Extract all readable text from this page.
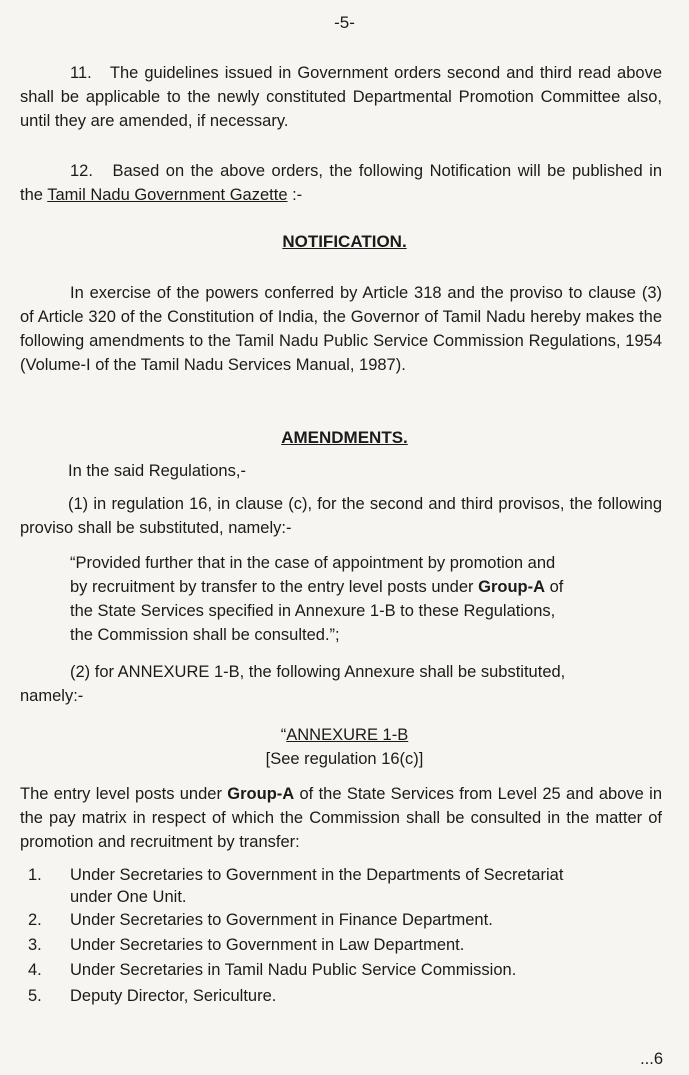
-5-

11. The guidelines issued in Government orders second and third read above shall be applicable to the newly constituted Departmental Promotion Committee also, until they are amended, if necessary.

12. Based on the above orders, the following Notification will be published in the Tamil Nadu Government Gazette :-

NOTIFICATION.

In exercise of the powers conferred by Article 318 and the proviso to clause (3) of Article 320 of the Constitution of India, the Governor of Tamil Nadu hereby makes the following amendments to the Tamil Nadu Public Service Commission Regulations, 1954 (Volume-I of the Tamil Nadu Services Manual, 1987).

AMENDMENTS.

In the said Regulations,-

(1) in regulation 16, in clause (c), for the second and third provisos, the following proviso shall be substituted, namely:-

“Provided further that in the case of appointment by promotion and by recruitment by transfer to the entry level posts under Group-A of the State Services specified in Annexure 1-B to these Regulations, the Commission shall be consulted.”;

(2) for ANNEXURE 1-B, the following Annexure shall be substituted,

namely:-

“ANNEXURE 1-B

[See regulation 16(c)]

The entry level posts under Group-A of the State Services from Level 25 and above in the pay matrix in respect of which the Commission shall be consulted in the matter of promotion and recruitment by transfer:

1. Under Secretaries to Government in the Departments of Secretariat
under One Unit.
2. Under Secretaries to Government in Finance Department.
3. Under Secretaries to Government in Law Department.
4. Under Secretaries in Tamil Nadu Public Service Commission.
5. Deputy Director, Sericulture.
...6
